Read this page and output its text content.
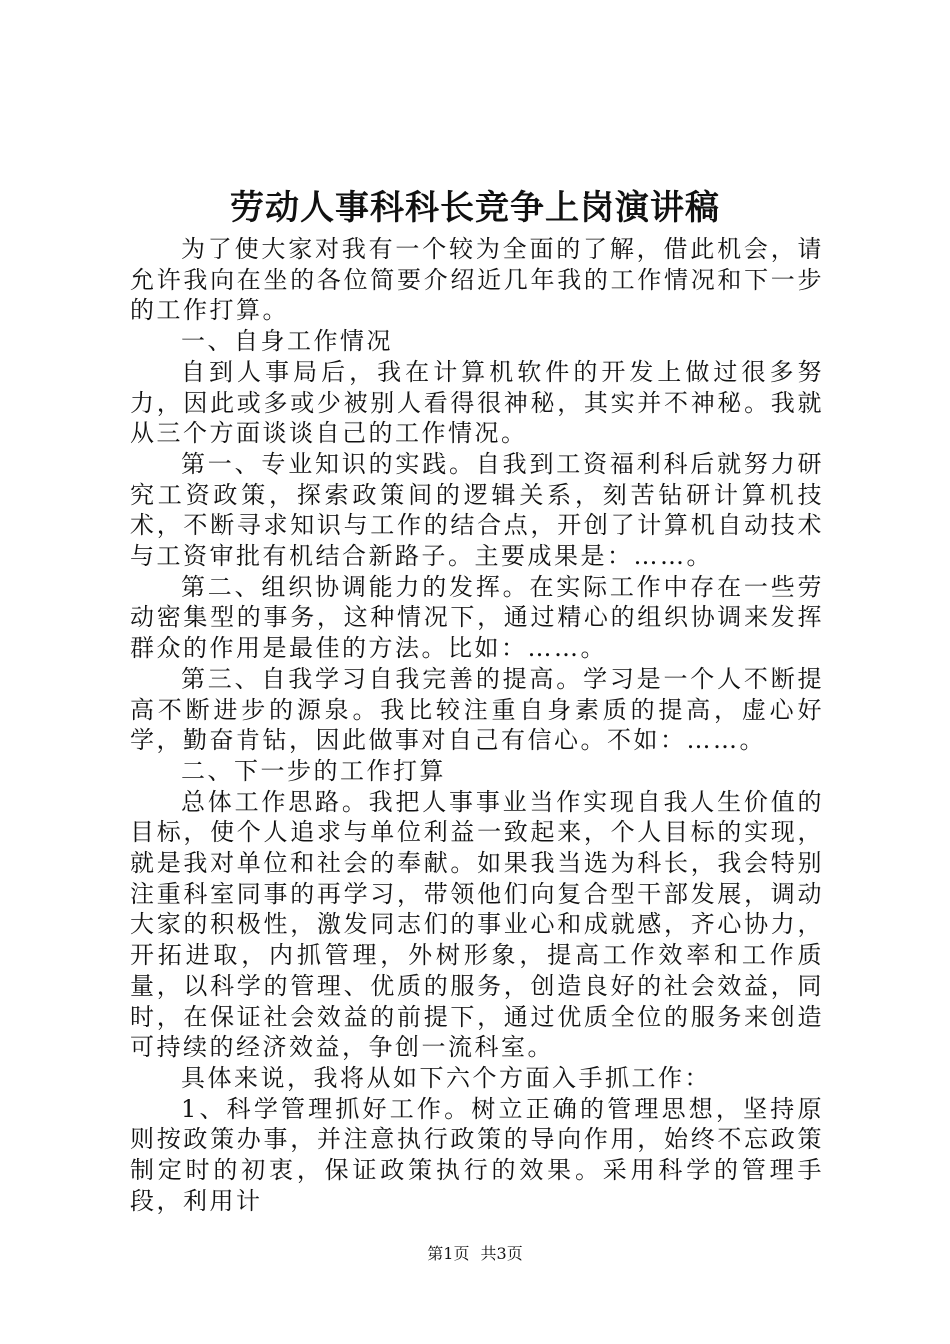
劳动人事科科长竞争上岗演讲稿

为了使大家对我有一个较为全面的了解，借此机会，请允许我向在坐的各位简要介绍近几年我的工作情况和下一步的工作打算。

一、自身工作情况

自到人事局后，我在计算机软件的开发上做过很多努力，因此或多或少被别人看得很神秘，其实并不神秘。我就从三个方面谈谈自己的工作情况。

第一、专业知识的实践。自我到工资福利科后就努力研究工资政策，探索政策间的逻辑关系，刻苦钻研计算机技术，不断寻求知识与工作的结合点，开创了计算机自动技术与工资审批有机结合新路子。主要成果是：……。

第二、组织协调能力的发挥。在实际工作中存在一些劳动密集型的事务，这种情况下，通过精心的组织协调来发挥群众的作用是最佳的方法。比如：……。

第三、自我学习自我完善的提高。学习是一个人不断提高不断进步的源泉。我比较注重自身素质的提高，虚心好学，勤奋肯钻，因此做事对自己有信心。不如：……。

二、下一步的工作打算

总体工作思路。我把人事事业当作实现自我人生价值的目标，使个人追求与单位利益一致起来，个人目标的实现，就是我对单位和社会的奉献。如果我当选为科长，我会特别注重科室同事的再学习，带领他们向复合型干部发展，调动大家的积极性，激发同志们的事业心和成就感，齐心协力，开拓进取，内抓管理，外树形象，提高工作效率和工作质量，以科学的管理、优质的服务，创造良好的社会效益，同时，在保证社会效益的前提下，通过优质全位的服务来创造可持续的经济效益，争创一流科室。

具体来说，我将从如下六个方面入手抓工作：

1、科学管理抓好工作。树立正确的管理思想，坚持原则按政策办事，并注意执行政策的导向作用，始终不忘政策制定时的初衷，保证政策执行的效果。采用科学的管理手段，利用计

第1页 共3页
